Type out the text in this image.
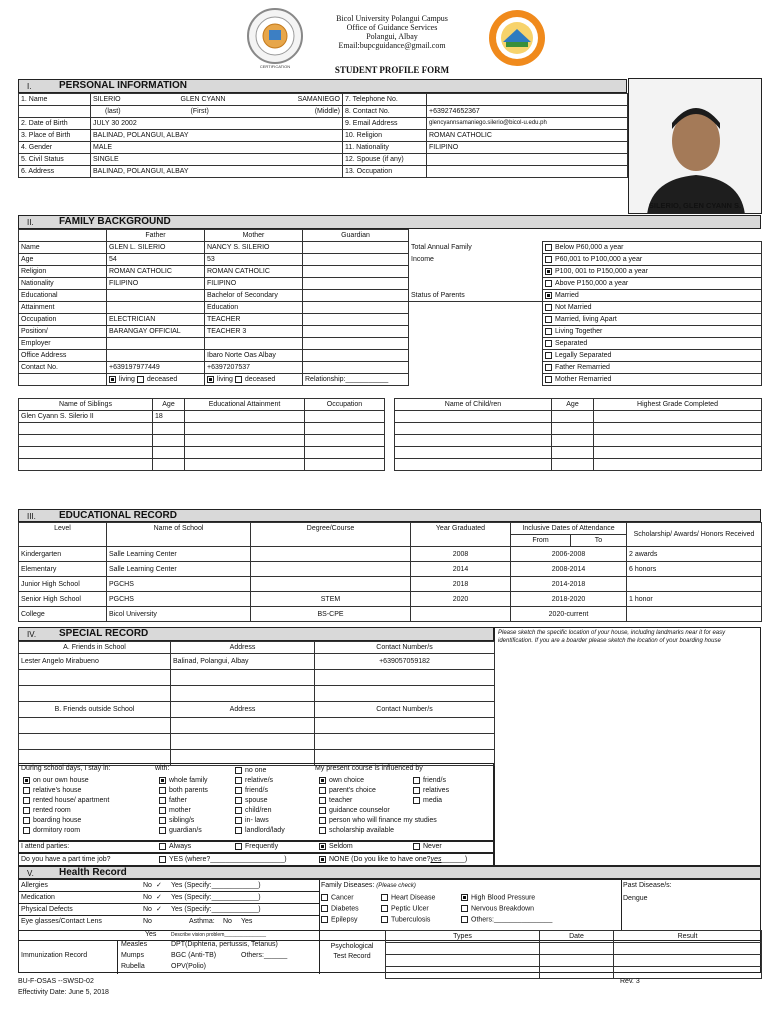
CERTIFICATION
Bicol University Polangui Campus
Office of Guidance Services
Polangui, Albay
Email:bupcguidance@gmail.com
STUDENT PROFILE FORM
SILERIO, GLEN CYANN S.
I.	PERSONAL INFORMATION
1. Name	SILERIO	GLEN CYANN	SAMANIEGO	7. Telephone No.	
	(last)	(First)	(Middle)	8. Contact No.	+639274652367
2. Date of Birth	JULY 30 2002			9. Email Address	glencyannsamaniego.silerio@bicol-u.edu.ph
3. Place of Birth	BALINAD, POLANGUI, ALBAY			10. Religion	ROMAN CATHOLIC
4. Gender	MALE			11. Nationality	FILIPINO
5. Civil Status	SINGLE			12. Spouse (if any)	
6. Address	BALINAD, POLANGUI, ALBAY			13. Occupation	
II.	FAMILY BACKGROUND
	Father	Mother	Guardian
Name	GLEN L. SILERIO	NANCY S. SILERIO	
Age	54	53	
Religion	ROMAN CATHOLIC	ROMAN CATHOLIC	
Nationality	FILIPINO	FILIPINO	
Educational		Bachelor of Secondary	
Attainment		Education	
Occupation	ELECTRICIAN	TEACHER	
Position/	BARANGAY OFFICIAL	TEACHER 3	
Employer			
Office Address		Ibaro Norte Oas Albay	
Contact No.	+639197977449	+6397207537	
	living deceased	living deceased	Relationship:___________
Total Annual Family	Below P60,000 a year
Income	P60,001 to P100,000 a year
	P100, 001 to P150,000 a year
	Above P150,000 a year
Status of Parents	Married
	Not Married
	Married, living Apart
	Living Together
	Separated
	Legally Separated
	Father Remarried
	Mother Remarried
Name of Siblings	Age	Educational Attainment	Occupation
Glen Cyann S. Silerio II	18		

Name of Child/ren	Age	Highest Grade Completed

III. EDUCATIONAL RECORD
Level	Name of School	Degree/Course	Year Graduated	Inclusive Dates of Attendance		Scholarship/ Awards/ Honors Received
				From	To	
Kindergarten	Salle Learning Center		2008	2006-2008		2 awards
Elementary	Salle Learning Center		2014	2008-2014		6 honors
Junior High School	PGCHS		2018	2014-2018		
Senior High School	PGCHS	STEM	2020	2018-2020		1 honor
College	Bicol University	BS-CPE		2020-current		
IV. SPECIAL RECORD	Please sketch the specific location of your house, including landmarks near it for easy identification. If you are a boarder please sketch the location of your boarding house
A. Friends in School	Address	Contact Number/s
Lester Angelo Mirabueno	Balinad, Polangui, Albay	+639057059182

B. Friends outside School	Address	Contact Number/s

During school days, I stay in:	with:	My present course is influenced by
on our own house
relative's house
rented house/ apartment
rented room
boarding house
dormitory room
whole family
both parents
father
mother
sibling/s
guardian/s
no one
relative/s
friend/s
spouse
child/ren
in- laws
landlord/lady
own choice
parent's choice
teacher
guidance counselor
person who will finance my studies
scholarship available
friend/s
relatives
media
I attend parties:	Always	Frequently	Seldom	Never
Do you have a part time job?	YES (where?___________________)	NONE (Do you like to have one?yes______)
V.	Health Record
Allergies	No ✓ Yes (Specify:____________)
Medication	No ✓ Yes (Specify:____________)
Physical Defects	No ✓ Yes (Specify:____________)
Eye glasses/Contact Lens	No	Asthma: No Yes
Family Diseases: (Please check)
Cancer	Heart Disease	High Blood Pressure
Diabetes	Peptic Ulcer	Nervous Breakdown
Epilepsy	Tuberculosis	Others:_______________
Past Disease/s:
Dengue
Yes	Describe vision problem_______________
Immunization Record
Measles	DPT(Diphteria, pertussis, Tetanus)
Mumps	BGC (Anti-TB)	Others:______
Rubella	OPV(Polio)
Psychological
Test Record
Types	Date	Result

BU-F-OSAS --SWSD-02
Effectivity Date: June 5, 2018
Rev. 3
